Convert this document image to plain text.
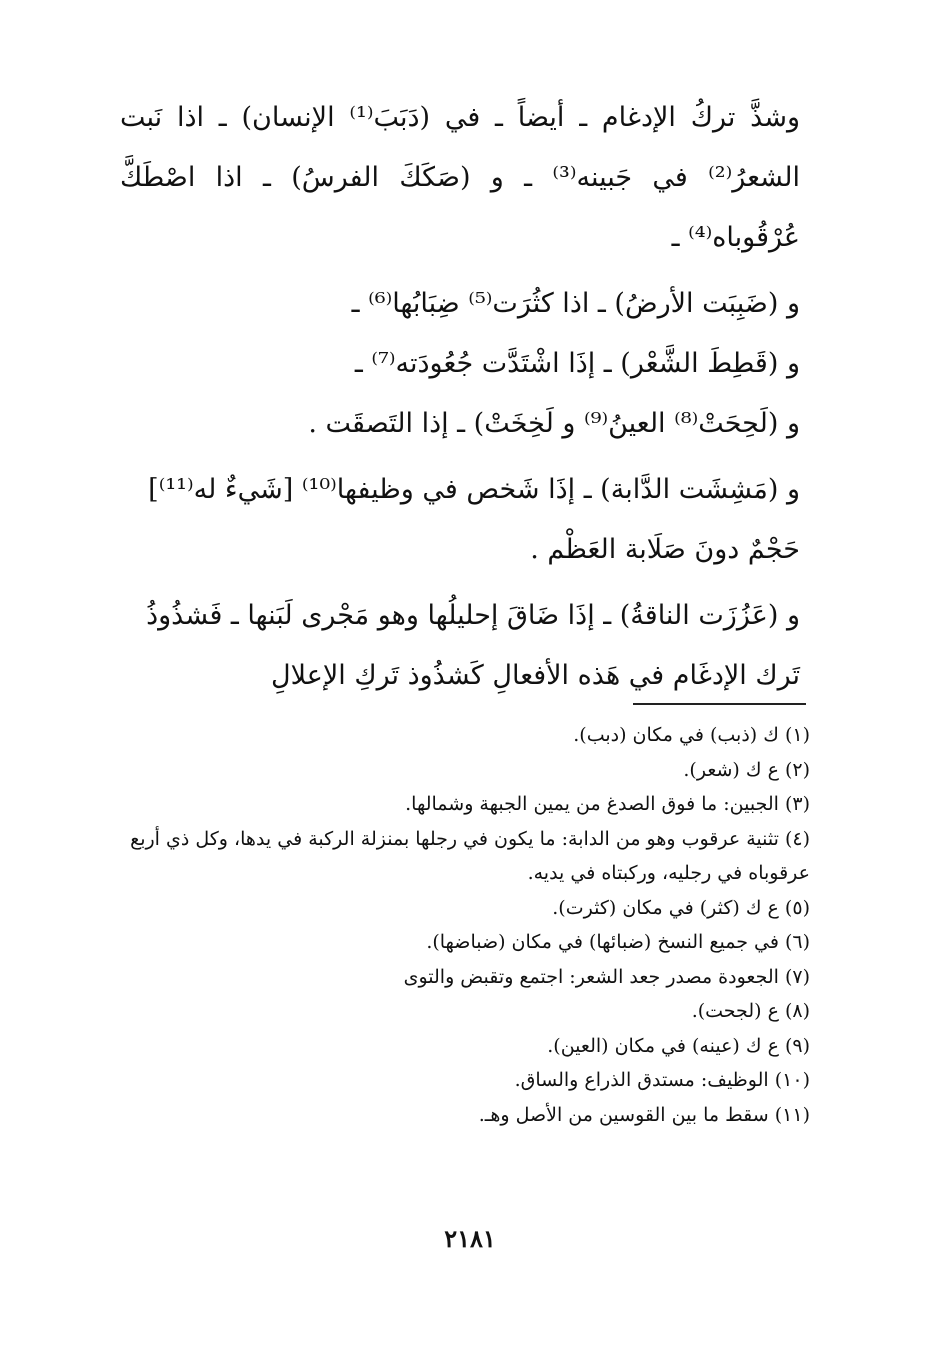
وشذَّ تركُ الإدغام ـ أيضاً ـ في (دَبَبَ⁽¹⁾ الإنسان) ـ اذا نَبت الشعرُ⁽²⁾ في جَبينه⁽³⁾ ـ و (صَكَكَ الفرسُ) ـ اذا اصْطَكَّ عُرْقُوباه⁽⁴⁾ ـ

و (ضَبِبَت الأرضُ) ـ اذا كثُرَت⁽⁵⁾ ضِبَابُها⁽⁶⁾ ـ

و (قَطِطَ الشَّعْر) ـ إذَا اشْتَدَّت جُعُودَته⁽⁷⁾ ـ

و (لَحِحَتْ⁽⁸⁾ العينُ⁽⁹⁾ و لَخِخَتْ) ـ إذا التَصقَت .

و (مَشِشَت الدَّابة) ـ إذَا شَخص في وظيفها⁽¹⁰⁾ [شَيءٌ له⁽¹¹⁾] حَجْمٌ دونَ صَلَابة العَظْم .

و (عَزُزَت الناقةُ) ـ إذَا ضَاقَ إحليلُها وهو مَجْرى لَبَنها ـ فَشذُوذُ تَرك الإدغَام في هَذه الأفعالِ كَشذُوذ تَركِ الإعلالِ

(١) ك (ذبب) في مكان (دبب).

(٢) ع ك (شعر).

(٣) الجبين: ما فوق الصدغ من يمين الجبهة وشمالها.

(٤) تثنية عرقوب وهو من الدابة: ما يكون في رجلها بمنزلة الركبة في يدها، وكل ذي أربع عرقوباه في رجليه، وركبتاه في يديه.

(٥) ع ك (كثر) في مكان (كثرت).

(٦) في جميع النسخ (ضبائها) في مكان (ضباضها).

(٧) الجعودة مصدر جعد الشعر: اجتمع وتقبض والتوى

(٨) ع (لجحت).

(٩) ع ك (عينه) في مكان (العين).

(١٠) الوظيف: مستدق الذراع والساق.

(١١) سقط ما بين القوسين من الأصل وهـ.

٢١٨١
